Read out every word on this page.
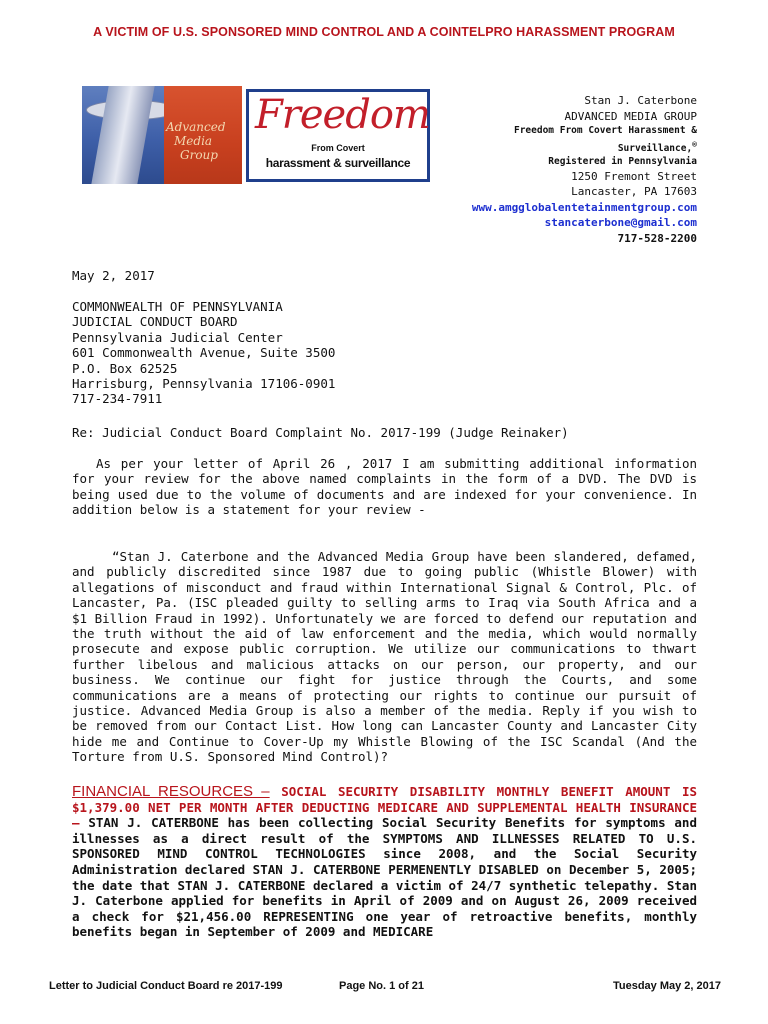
A VICTIM OF U.S. SPONSORED MIND CONTROL AND A COINTELPRO HARASSMENT PROGRAM
Advanced
Media
Group
Freedom
From Covert
harassment & surveillance
Stan J. Caterbone
ADVANCED MEDIA GROUP
Freedom From Covert Harassment &
Surveillance,®
Registered in Pennsylvania
1250 Fremont Street
Lancaster, PA 17603
www.amgglobalentetainmentgroup.com
stancaterbone@gmail.com
717-528-2200
May 2, 2017
COMMONWEALTH OF PENNSYLVANIA
JUDICIAL CONDUCT BOARD
Pennsylvania Judicial Center
601 Commonwealth Avenue, Suite 3500
P.O. Box 62525
Harrisburg, Pennsylvania 17106-0901
717-234-7911
Re: Judicial Conduct Board Complaint No. 2017-199 (Judge Reinaker)

As per your letter of April 26 , 2017 I am submitting additional information for your review for the above named complaints in the form of a DVD. The DVD is being used due to the volume of documents and are indexed for your convenience. In addition below is a statement for your review -

“Stan J. Caterbone and the Advanced Media Group have been slandered, defamed, and publicly discredited since 1987 due to going public (Whistle Blower) with allegations of misconduct and fraud within International Signal & Control, Plc. of Lancaster, Pa. (ISC pleaded guilty to selling arms to Iraq via South Africa and a $1 Billion Fraud in 1992). Unfortunately we are forced to defend our reputation and the truth without the aid of law enforcement and the media, which would normally prosecute and expose public corruption. We utilize our communications to thwart further libelous and malicious attacks on our person, our property, and our business. We continue our fight for justice through the Courts, and some communications are a means of protecting our rights to continue our pursuit of justice. Advanced Media Group is also a member of the media. Reply if you wish to be removed from our Contact List. How long can Lancaster County and Lancaster City hide me and Continue to Cover-Up my Whistle Blowing of the ISC Scandal (And the Torture from U.S. Sponsored Mind Control)?

FINANCIAL RESOURCES – SOCIAL SECURITY DISABILITY MONTHLY BENEFIT AMOUNT IS $1,379.00 NET PER MONTH AFTER DEDUCTING MEDICARE AND SUPPLEMENTAL HEALTH INSURANCE – STAN J. CATERBONE has been collecting Social Security Benefits for symptoms and illnesses as a direct result of the SYMPTOMS AND ILLNESSES RELATED TO U.S. SPONSORED MIND CONTROL TECHNOLOGIES since 2008, and the Social Security Administration declared STAN J. CATERBONE PERMENENTLY DISABLED on December 5, 2005; the date that STAN J. CATERBONE declared a victim of 24/7 synthetic telepathy. Stan J. Caterbone applied for benefits in April of 2009 and on August 26, 2009 received a check for $21,456.00 REPRESENTING one year of retroactive benefits, monthly benefits began in September of 2009 and MEDICARE

Letter to Judicial Conduct Board re 2017-199	Page No. 1 of 21	Tuesday May 2, 2017
